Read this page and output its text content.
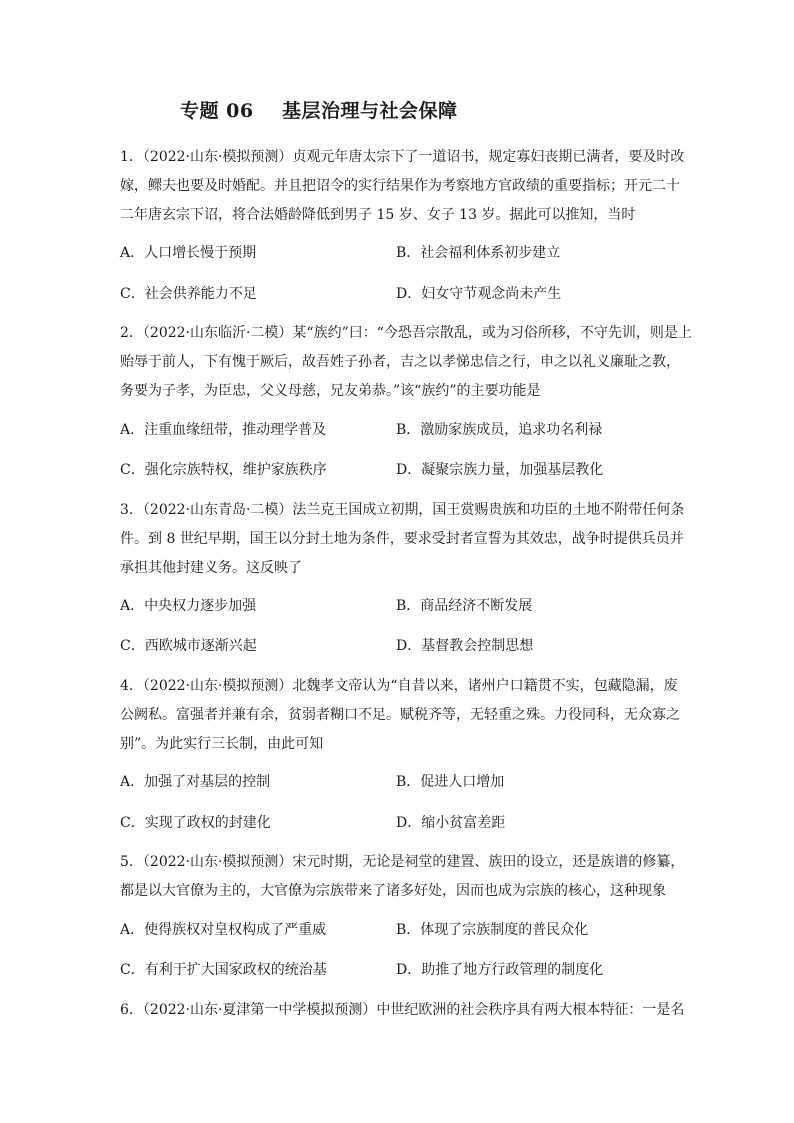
专题 06    基层治理与社会保障
1．（2022·山东·模拟预测）贞观元年唐太宗下了一道诏书，规定寡妇丧期已满者，要及时改
嫁，鳏夫也要及时婚配。并且把诏令的实行结果作为考察地方官政绩的重要指标；开元二十
二年唐玄宗下诏，将合法婚龄降低到男子 15 岁、女子 13 岁。据此可以推知，当时
A．人口增长慢于预期	B．社会福利体系初步建立
C．社会供养能力不足	D．妇女守节观念尚未产生
2．（2022·山东临沂·二模）某“族约”曰：“今恐吾宗散乱，或为习俗所移，不守先训，则是上
贻辱于前人，下有愧于厥后，故吾姓子孙者，吉之以孝悌忠信之行，申之以礼义廉耻之教，
务要为子孝，为臣忠，父义母慈，兄友弟恭。”该“族约”的主要功能是
A．注重血缘纽带，推动理学普及	B．激励家族成员，追求功名利禄
C．强化宗族特权，维护家族秩序	D．凝聚宗族力量，加强基层教化
3．（2022·山东青岛·二模）法兰克王国成立初期，国王赏赐贵族和功臣的土地不附带任何条
件。到 8 世纪早期，国王以分封土地为条件，要求受封者宣誓为其效忠，战争时提供兵员并
承担其他封建义务。这反映了
A．中央权力逐步加强	B．商品经济不断发展
C．西欧城市逐渐兴起	D．基督教会控制思想
4．（2022·山东·模拟预测）北魏孝文帝认为“自昔以来，诸州户口籍贯不实，包藏隐漏，废
公阙私。富强者并兼有余，贫弱者糊口不足。赋税齐等，无轻重之殊。力役同科，无众寡之
别”。为此实行三长制，由此可知
A．加强了对基层的控制	B．促进人口增加
C．实现了政权的封建化	D．缩小贫富差距
5．（2022·山东·模拟预测）宋元时期，无论是祠堂的建置、族田的设立，还是族谱的修纂，
都是以大官僚为主的，大官僚为宗族带来了诸多好处，因而也成为宗族的核心，这种现象
A．使得族权对皇权构成了严重威	B．体现了宗族制度的普民众化
C．有利于扩大国家政权的统治基	D．助推了地方行政管理的制度化
6．（2022·山东·夏津第一中学模拟预测）中世纪欧洲的社会秩序具有两大根本特征：一是名
